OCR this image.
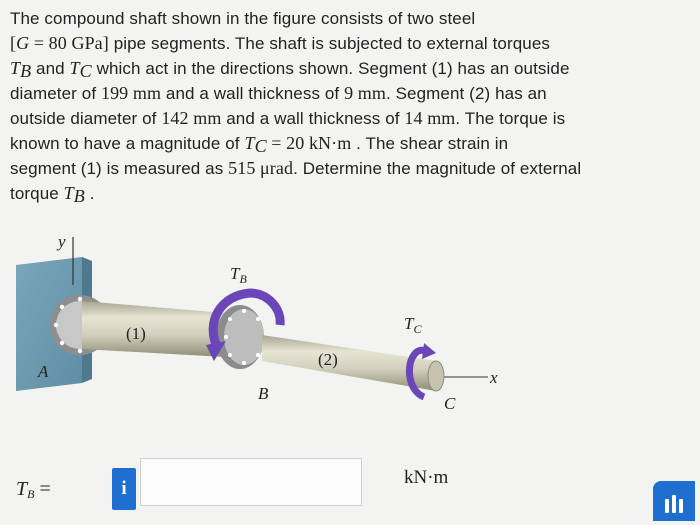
The compound shaft shown in the figure consists of two steel

[G = 80 GPa] pipe segments. The shaft is subjected to external torques

$T_B$ and $T_C$ which act in the directions shown. Segment (1) has an outside

diameter of 199 mm and a wall thickness of 9 mm. Segment (2) has an

outside diameter of 142 mm and a wall thickness of 14 mm. The torque is

known to have a magnitude of $T_C = 20$ kN·m . The shear strain in

segment (1) is measured as 515 μrad. Determine the magnitude of external

torque $T_B$ .

x
A
y
(1)
B
$T_B$
(2)
C
$T_C$
$T_B$ =	i
kN·m
